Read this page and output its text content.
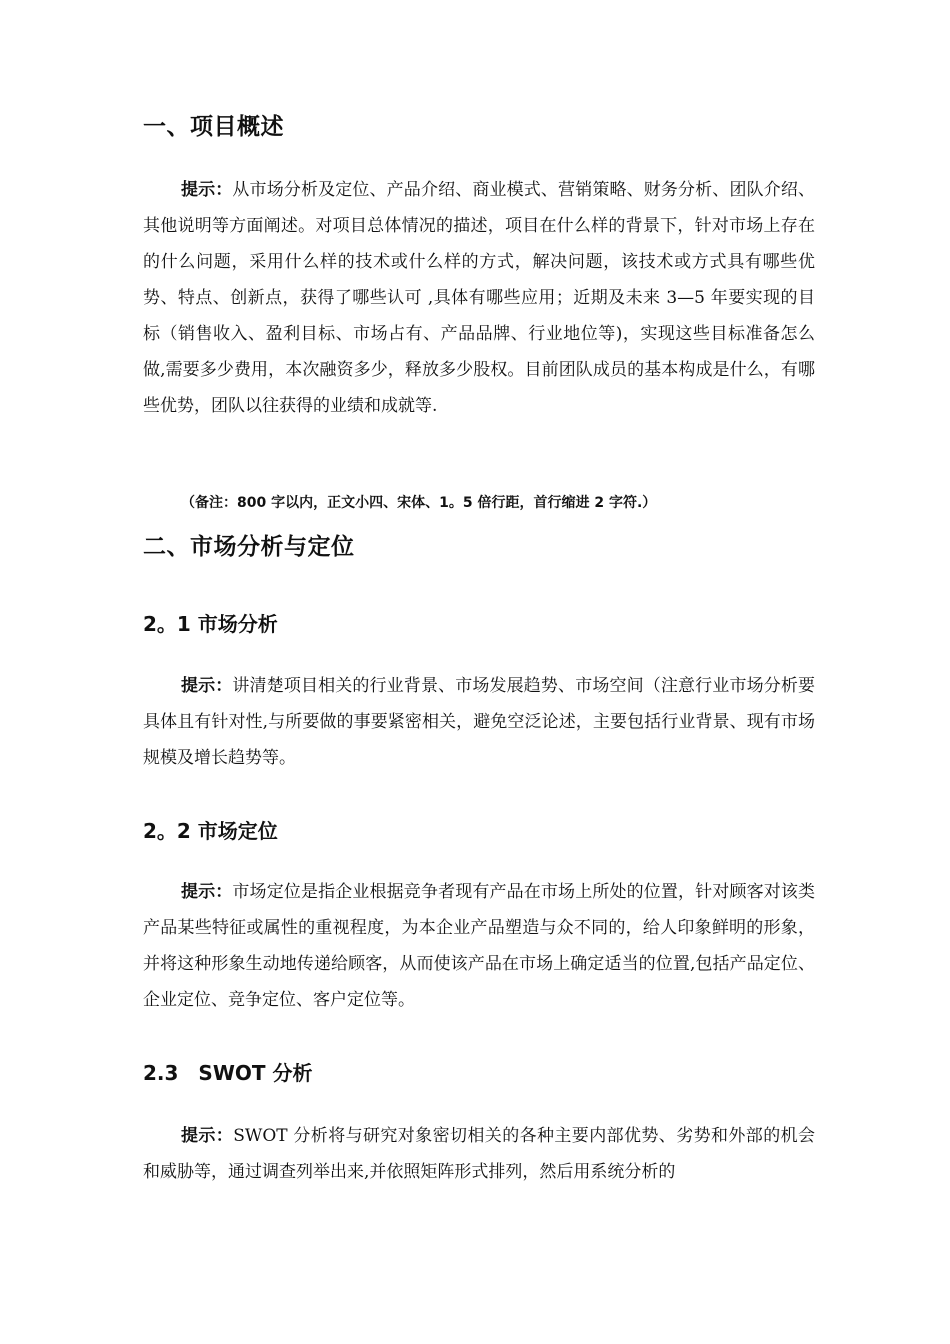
一、项目概述
提示：从市场分析及定位、产品介绍、商业模式、营销策略、财务分析、团队介绍、其他说明等方面阐述。对项目总体情况的描述，项目在什么样的背景下，针对市场上存在的什么问题，采用什么样的技术或什么样的方式，解决问题，该技术或方式具有哪些优势、特点、创新点，获得了哪些认可 ,具体有哪些应用；近期及未来 3—5 年要实现的目标（销售收入、盈利目标、市场占有、产品品牌、行业地位等)，实现这些目标准备怎么做,需要多少费用，本次融资多少，释放多少股权。目前团队成员的基本构成是什么，有哪些优势，团队以往获得的业绩和成就等.
（备注：800 字以内，正文小四、宋体、1。5 倍行距，首行缩进 2 字符.）
二、市场分析与定位
2。1 市场分析
提示：讲清楚项目相关的行业背景、市场发展趋势、市场空间（注意行业市场分析要具体且有针对性,与所要做的事要紧密相关，避免空泛论述，主要包括行业背景、现有市场规模及增长趋势等。
2。2 市场定位
提示：市场定位是指企业根据竞争者现有产品在市场上所处的位置，针对顾客对该类产品某些特征或属性的重视程度，为本企业产品塑造与众不同的，给人印象鲜明的形象，并将这种形象生动地传递给顾客，从而使该产品在市场上确定适当的位置,包括产品定位、企业定位、竞争定位、客户定位等。
2.3　SWOT 分析
提示：SWOT 分析将与研究对象密切相关的各种主要内部优势、劣势和外部的机会和威胁等，通过调查列举出来,并依照矩阵形式排列，然后用系统分析的
